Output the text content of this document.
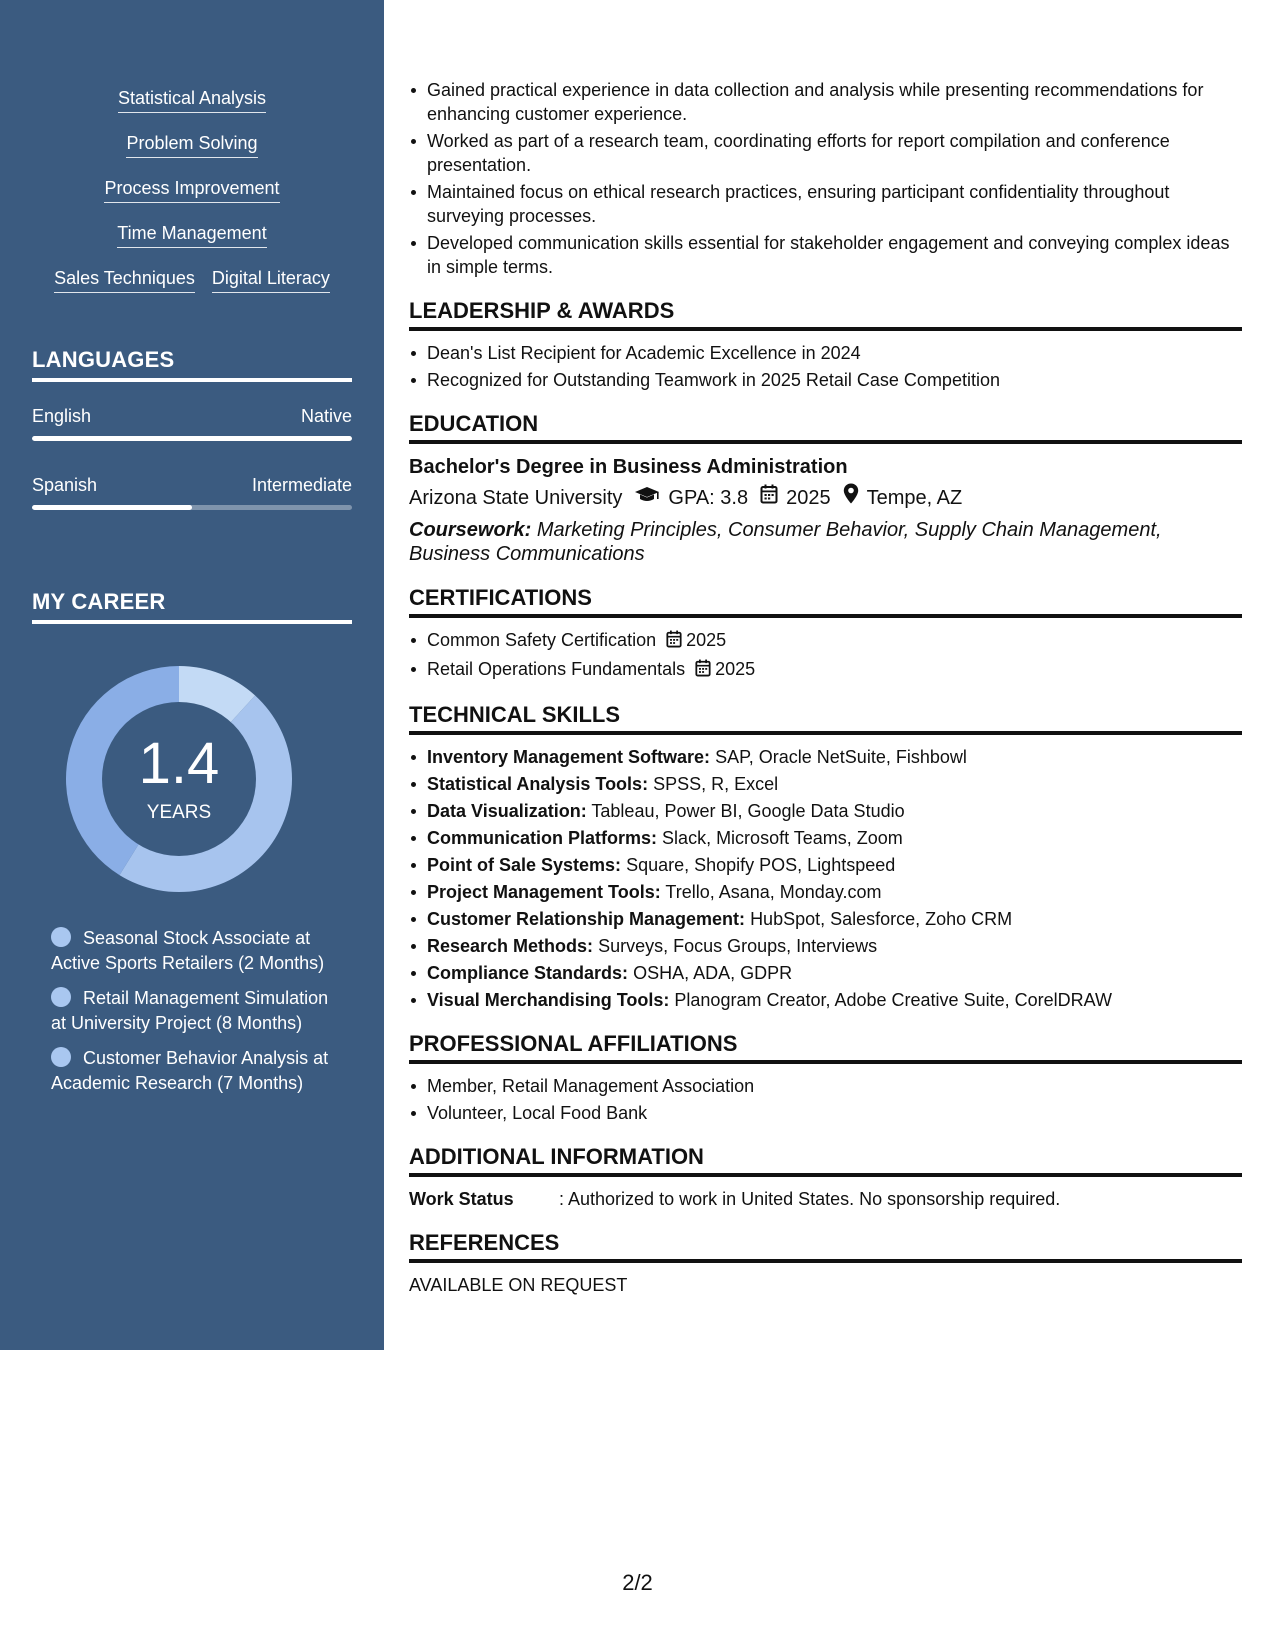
Statistical Analysis
Problem Solving
Process Improvement
Time Management
Sales Techniques Digital Literacy
LANGUAGES
English	Native
Spanish	Intermediate
MY CAREER
1.4
YEARS
Seasonal Stock Associate at Active Sports Retailers (2 Months)
Retail Management Simulation at University Project (8 Months)
Customer Behavior Analysis at Academic Research (7 Months)
Gained practical experience in data collection and analysis while presenting recommendations for enhancing customer experience.
Worked as part of a research team, coordinating efforts for report compilation and conference presentation.
Maintained focus on ethical research practices, ensuring participant confidentiality throughout surveying processes.
Developed communication skills essential for stakeholder engagement and conveying complex ideas in simple terms.
LEADERSHIP & AWARDS
Dean's List Recipient for Academic Excellence in 2024
Recognized for Outstanding Teamwork in 2025 Retail Case Competition
EDUCATION
Bachelor's Degree in Business Administration
Arizona State University GPA: 3.8 2025 Tempe, AZ
Coursework: Marketing Principles, Consumer Behavior, Supply Chain Management, Business Communications
CERTIFICATIONS
Common Safety Certification 2025
Retail Operations Fundamentals 2025
TECHNICAL SKILLS
Inventory Management Software: SAP, Oracle NetSuite, Fishbowl
Statistical Analysis Tools: SPSS, R, Excel
Data Visualization: Tableau, Power BI, Google Data Studio
Communication Platforms: Slack, Microsoft Teams, Zoom
Point of Sale Systems: Square, Shopify POS, Lightspeed
Project Management Tools: Trello, Asana, Monday.com
Customer Relationship Management: HubSpot, Salesforce, Zoho CRM
Research Methods: Surveys, Focus Groups, Interviews
Compliance Standards: OSHA, ADA, GDPR
Visual Merchandising Tools: Planogram Creator, Adobe Creative Suite, CorelDRAW
PROFESSIONAL AFFILIATIONS
Member, Retail Management Association
Volunteer, Local Food Bank
ADDITIONAL INFORMATION
Work Status	: Authorized to work in United States. No sponsorship required.
REFERENCES
AVAILABLE ON REQUEST
2/2
